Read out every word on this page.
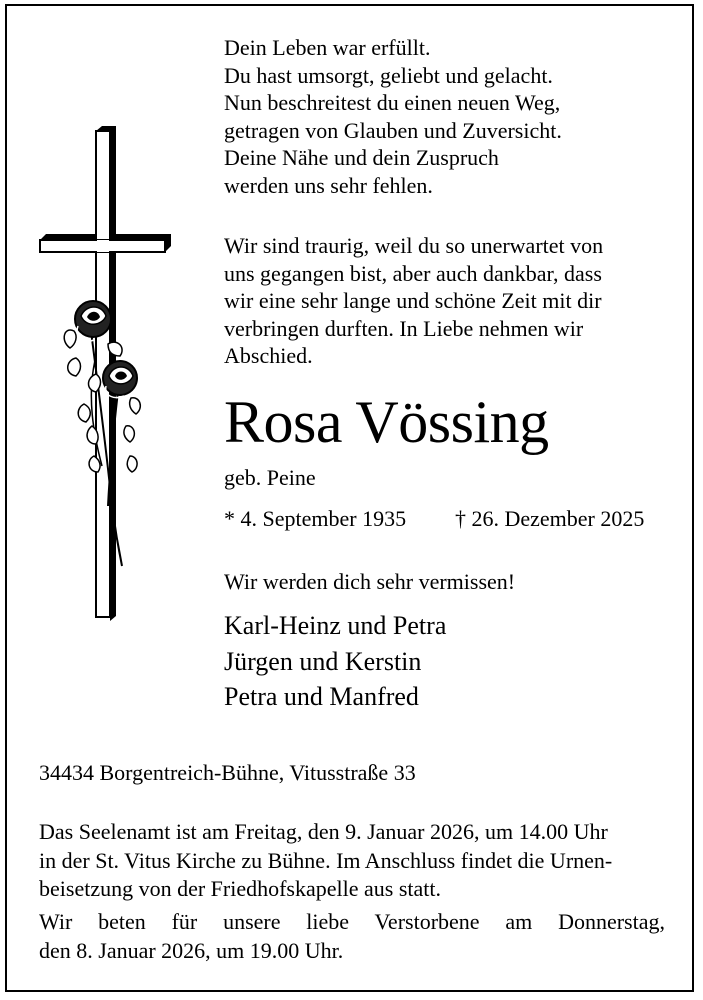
Dein Leben war erfüllt.
Du hast umsorgt, geliebt und gelacht.
Nun beschreitest du einen neuen Weg,
getragen von Glauben und Zuversicht.
Deine Nähe und dein Zuspruch
werden uns sehr fehlen.
Wir sind traurig, weil du so unerwartet von
uns gegangen bist, aber auch dankbar, dass
wir eine sehr lange und schöne Zeit mit dir
verbringen durften. In Liebe nehmen wir
Abschied.
Rosa Vössing
geb. Peine
* 4. September 1935 † 26. Dezember 2025
Wir werden dich sehr vermissen!
Karl-Heinz und Petra
Jürgen und Kerstin
Petra und Manfred
34434 Borgentreich-Bühne, Vitusstraße 33
Das Seelenamt ist am Freitag, den 9. Januar 2026, um 14.00 Uhr
in der St. Vitus Kirche zu Bühne. Im Anschluss findet die Urnen-
beisetzung von der Friedhofskapelle aus statt.
Wir beten für unsere liebe Verstorbene am Donnerstag,
den 8. Januar 2026, um 19.00 Uhr.
